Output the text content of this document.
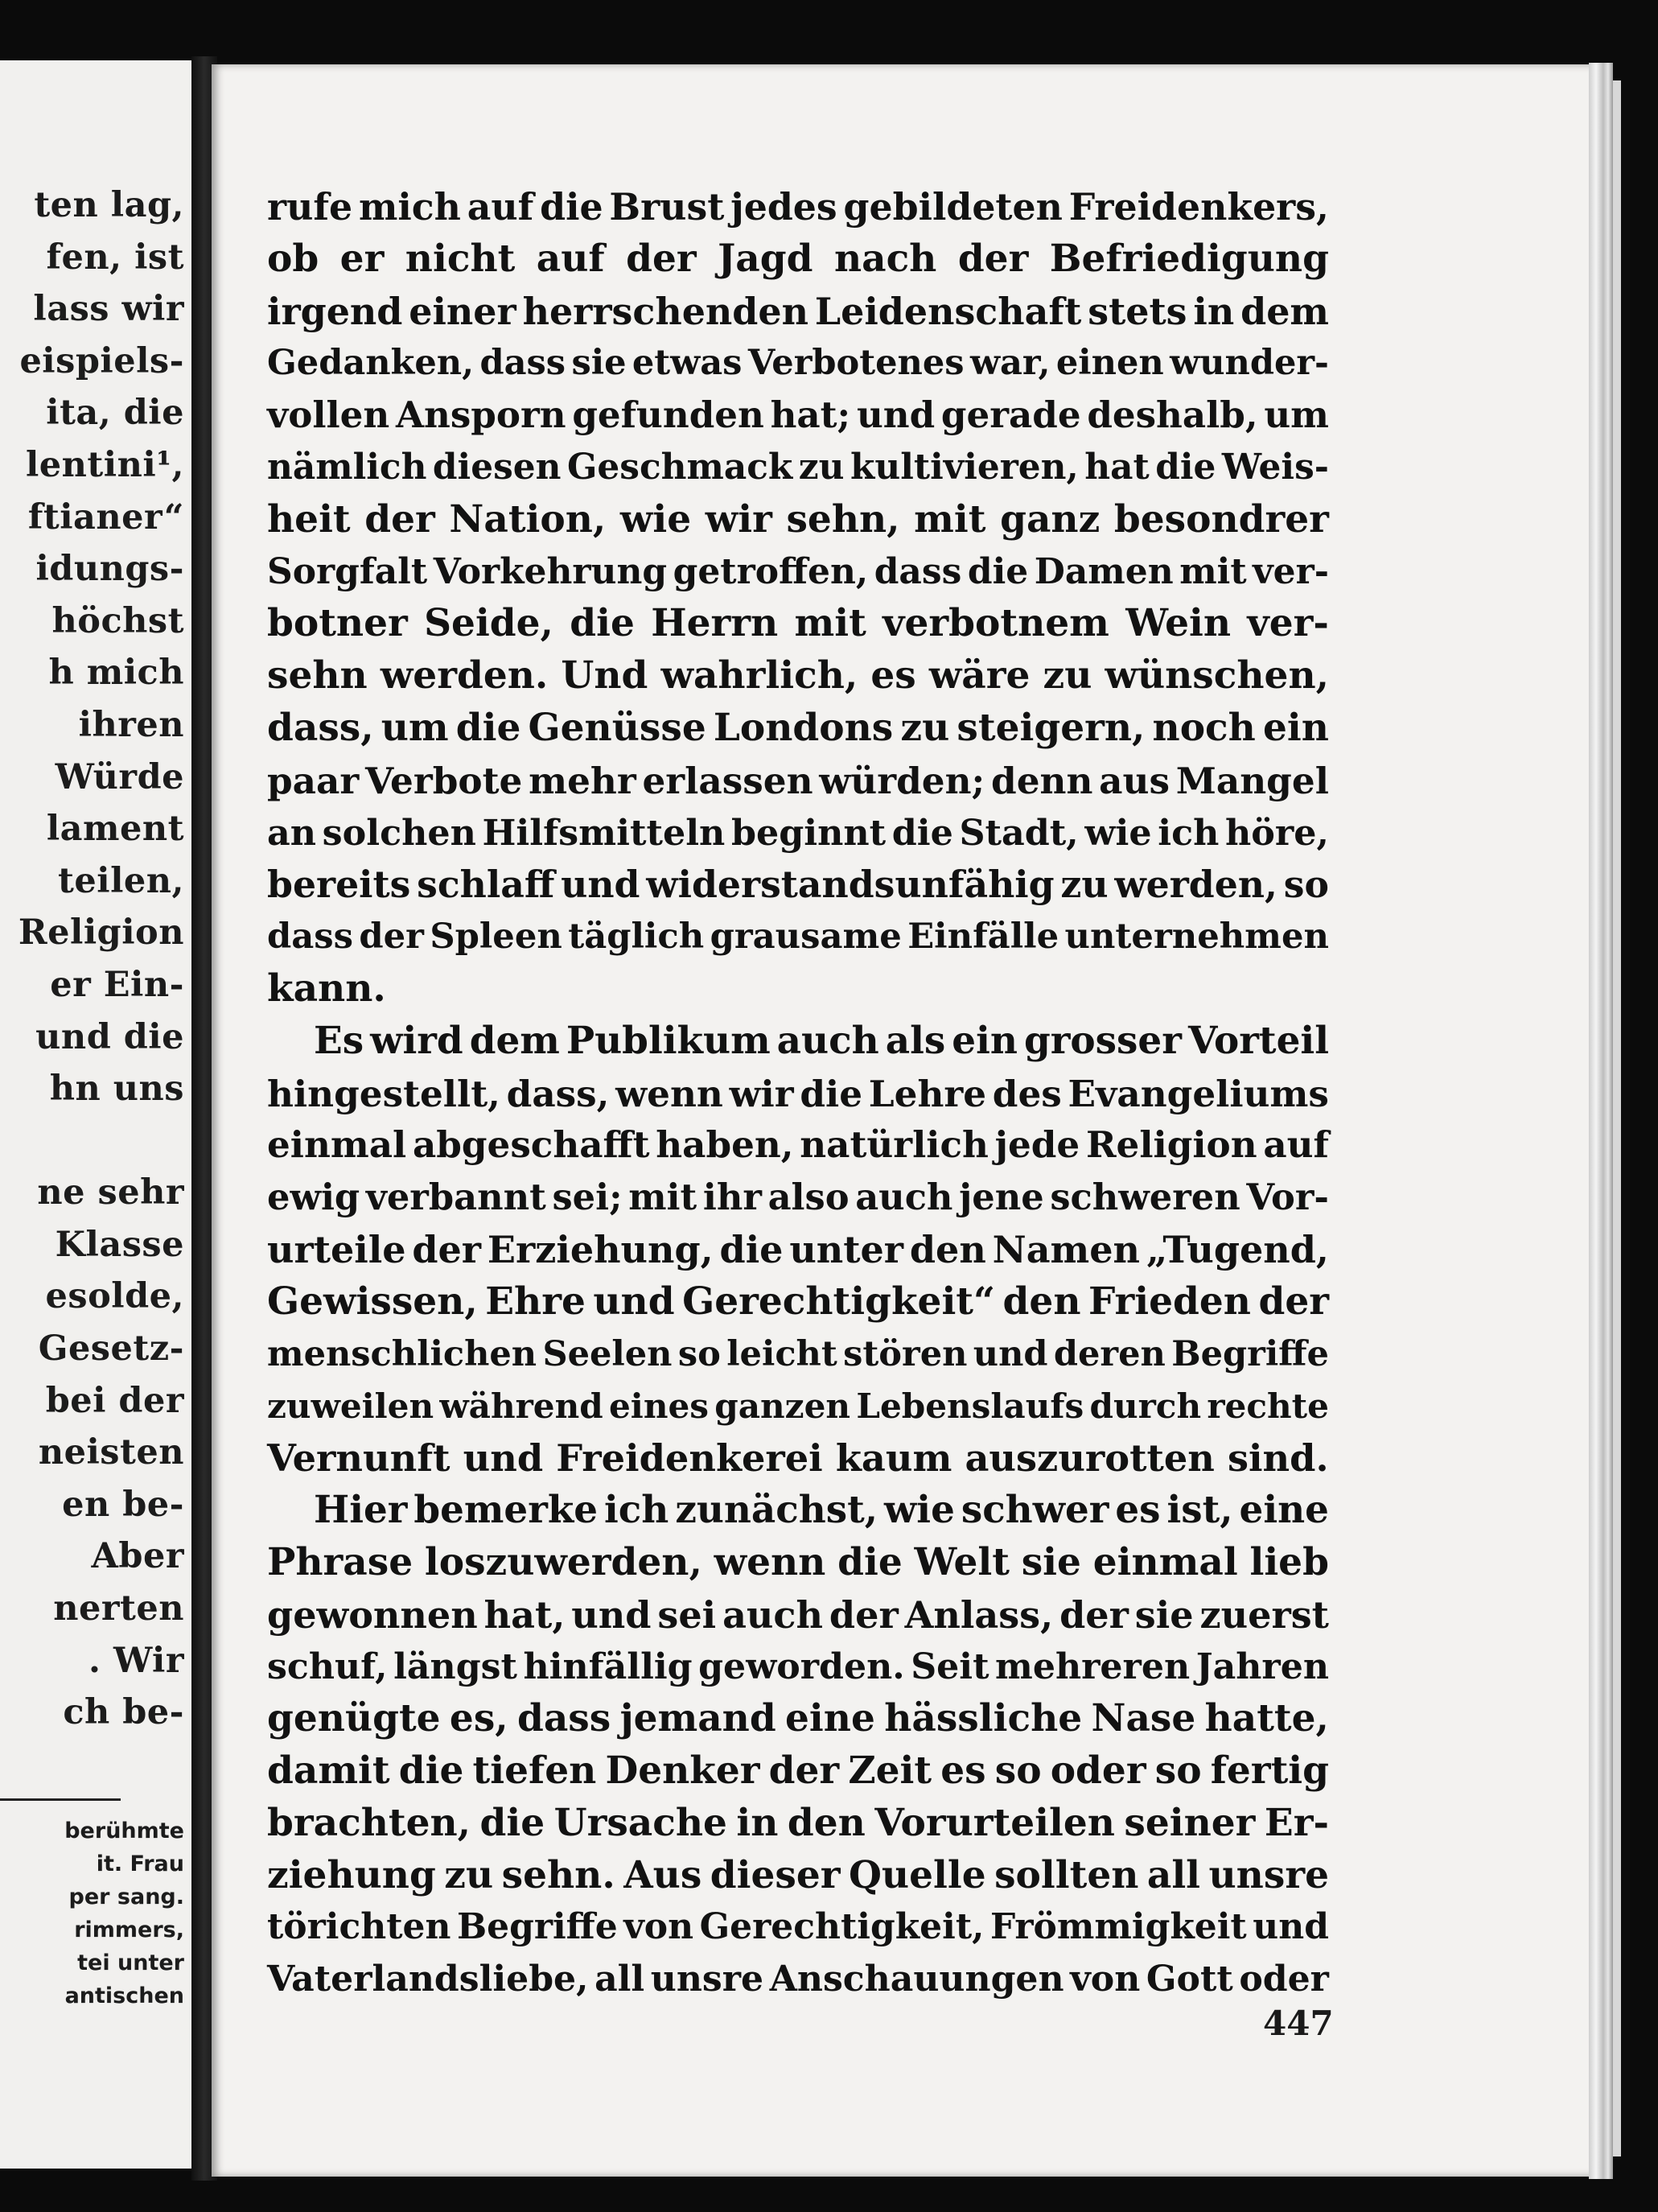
ten lag,
fen, ist
lass wir
eispiels-
ita, die
lentini¹,
ftianer“
idungs-
höchst
h mich
ihren
Würde
lament
teilen,
Religion
er Ein-
und die
hn uns
ne sehr
Klasse
esolde,
Gesetz-
bei der
neisten
en be-
Aber
nerten
. Wir
ch be-
berühmte
it. Frau
per sang.
rimmers,
tei unter
antischen
rufe mich auf die Brust jedes gebildeten Freidenkers,
ob er nicht auf der Jagd nach der Befriedigung
irgend einer herrschenden Leidenschaft stets in dem
Gedanken, dass sie etwas Verbotenes war, einen wunder-
vollen Ansporn gefunden hat; und gerade deshalb, um
nämlich diesen Geschmack zu kultivieren, hat die Weis-
heit der Nation, wie wir sehn, mit ganz besondrer
Sorgfalt Vorkehrung getroffen, dass die Damen mit ver-
botner Seide, die Herrn mit verbotnem Wein ver-
sehn werden. Und wahrlich, es wäre zu wünschen,
dass, um die Genüsse Londons zu steigern, noch ein
paar Verbote mehr erlassen würden; denn aus Mangel
an solchen Hilfsmitteln beginnt die Stadt, wie ich höre,
bereits schlaff und widerstandsunfähig zu werden, so
dass der Spleen täglich grausame Einfälle unternehmen
kann.
Es wird dem Publikum auch als ein grosser Vorteil
hingestellt, dass, wenn wir die Lehre des Evangeliums
einmal abgeschafft haben, natürlich jede Religion auf
ewig verbannt sei; mit ihr also auch jene schweren Vor-
urteile der Erziehung, die unter den Namen „Tugend,
Gewissen, Ehre und Gerechtigkeit“ den Frieden der
menschlichen Seelen so leicht stören und deren Begriffe
zuweilen während eines ganzen Lebenslaufs durch rechte
Vernunft und Freidenkerei kaum auszurotten sind.
Hier bemerke ich zunächst, wie schwer es ist, eine
Phrase loszuwerden, wenn die Welt sie einmal lieb
gewonnen hat, und sei auch der Anlass, der sie zuerst
schuf, längst hinfällig geworden. Seit mehreren Jahren
genügte es, dass jemand eine hässliche Nase hatte,
damit die tiefen Denker der Zeit es so oder so fertig
brachten, die Ursache in den Vorurteilen seiner Er-
ziehung zu sehn. Aus dieser Quelle sollten all unsre
törichten Begriffe von Gerechtigkeit, Frömmigkeit und
Vaterlandsliebe, all unsre Anschauungen von Gott oder
447
